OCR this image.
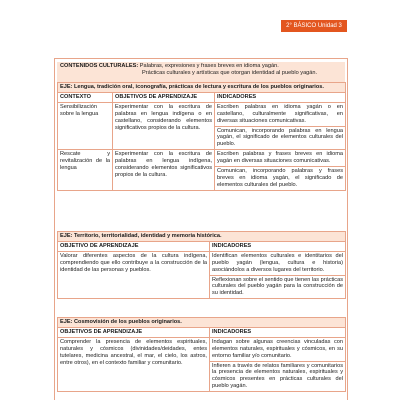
2° BÁSICO Unidad 3
CONTENIDOS CULTURALES: Palabras, expresiones y frases breves en idioma yagán.
Prácticas culturales y artísticas que otorgan identidad al pueblo yagán.
EJE: Lengua, tradición oral, iconografía, prácticas de lectura y escritura de los pueblos originarios.		
CONTEXTO	OBJETIVOS DE APRENDIZAJE	INDICADORES
Sensibilización sobre la lengua	Experimentar con la escritura de palabras en lengua indígena o en castellano, considerando elementos significativos propios de la cultura.	Escriben palabras en idioma yagán o en castellano, culturalmente significativas, en diversas situaciones comunicativas.
		Comunican, incorporando palabras en lengua yagán, el significado de elementos culturales del pueblo.
Rescate y revitalización de la lengua	Experimentar con la escritura de palabras en lengua indígena, considerando elementos significativos propios de la cultura.	Escriben palabras y frases breves en idioma yagán en diversas situaciones comunicativas.
		Comunican, incorporando palabras y frases breves en idioma yagán, el significado de elementos culturales del pueblo.
EJE: Territorio, territorialidad, identidad y memoria histórica.	
OBJETIVO DE APRENDIZAJE	INDICADORES
Valorar diferentes aspectos de la cultura indígena, comprendiendo que ello contribuye a la construcción de la identidad de las personas y pueblos.	Identifican elementos culturales e identitarios del pueblo yagán (lengua, cultura e historia) asociándolos a diversos lugares del territorio.
	Reflexionan sobre el sentido que tienen las prácticas culturales del pueblo yagán para la construcción de su identidad.
EJE: Cosmovisión de los pueblos originarios.	
OBJETIVOS DE APRENDIZAJE	INDICADORES
Comprender la presencia de elementos espirituales, naturales y cósmicos (divinidades/deidades, entes tutelares, medicina ancestral, el mar, el cielo, los astros, entre otros), en el contexto familiar y comunitario.	Indagan sobre algunas creencias vinculadas con elementos naturales, espirituales y cósmicos, en su entorno familiar y/o comunitario.
	Infieren a través de relatos familiares y comunitarios la presencia de elementos naturales, espirituales y cósmicos presentes en prácticas culturales del pueblo yagán.
